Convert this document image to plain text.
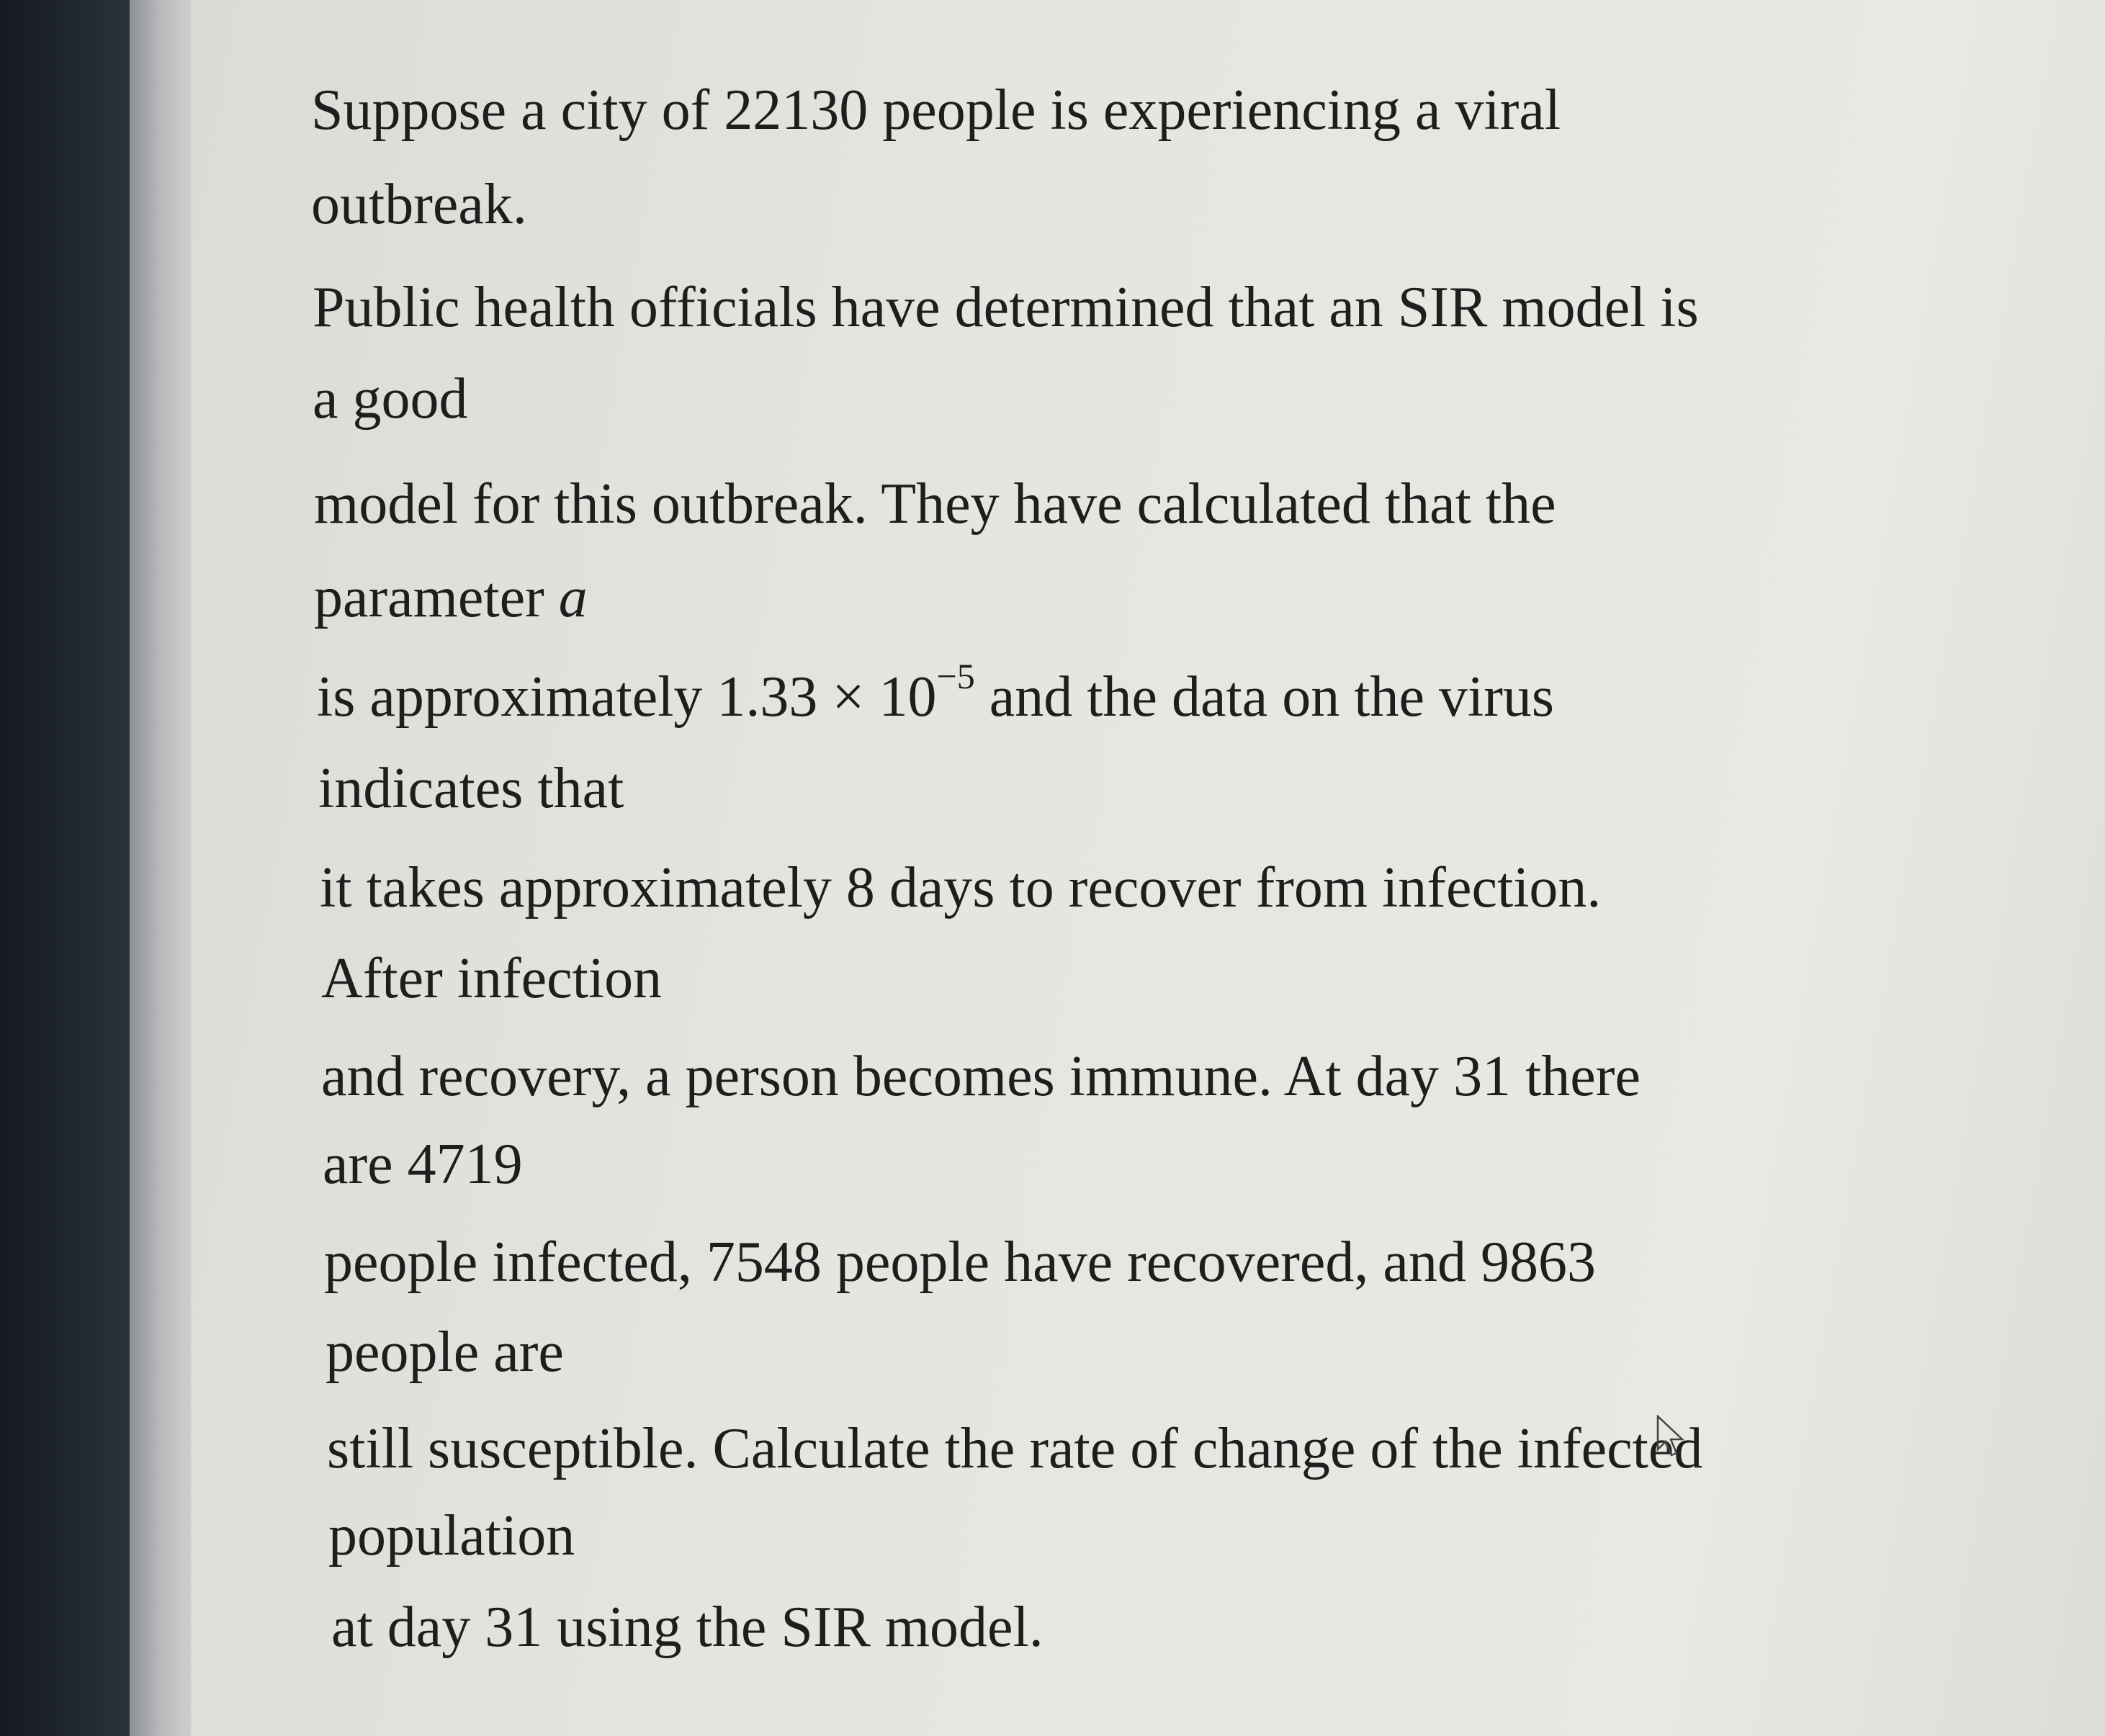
Suppose a city of 22130 people is experiencing a viral
outbreak.
Public health officials have determined that an SIR model is
a good
model for this outbreak. They have calculated that the
parameter a
is approximately $1.33 \times 10^{-5}$ and the data on the virus
indicates that
it takes approximately 8 days to recover from infection.
After infection
and recovery, a person becomes immune. At day 31 there
are 4719
people infected, 7548 people have recovered, and 9863
people are
still susceptible. Calculate the rate of change of the infected
population
at day 31 using the SIR model.
